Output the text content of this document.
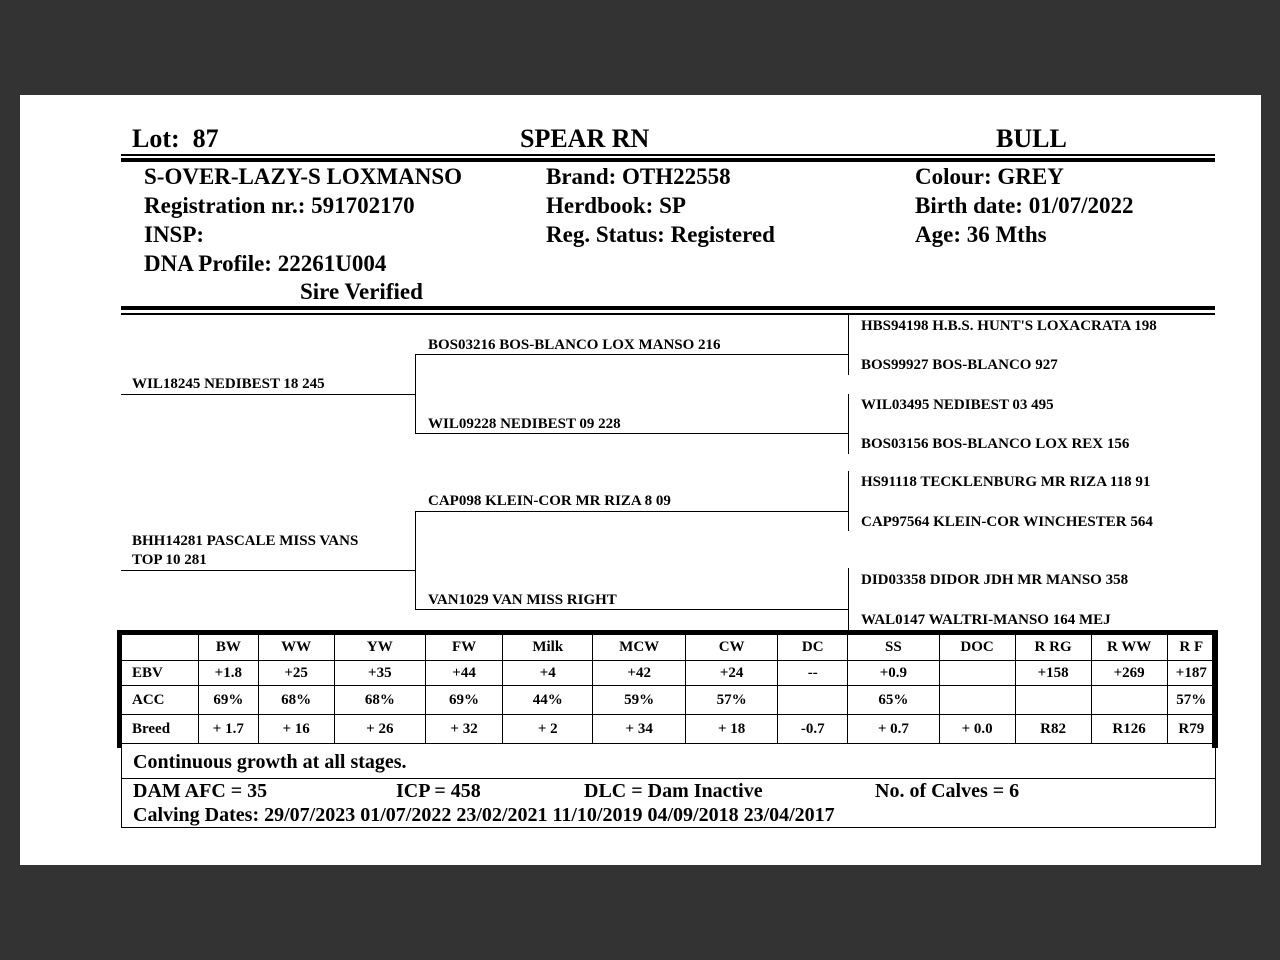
Lot: 87	SPEAR RN	BULL
S-OVER-LAZY-S LOXMANSO
Registration nr.: 591702170
INSP:
DNA Profile: 22261U004
Sire Verified
Brand: OTH22558
Herdbook: SP
Reg. Status: Registered
Colour: GREY
Birth date: 01/07/2022
Age: 36 Mths
WIL18245 NEDIBEST 18 245
BHH14281 PASCALE MISS VANS
TOP 10 281
BOS03216 BOS-BLANCO LOX MANSO 216
WIL09228 NEDIBEST 09 228
CAP098 KLEIN-COR MR RIZA 8 09
VAN1029 VAN MISS RIGHT
HBS94198 H.B.S. HUNT'S LOXACRATA 198
BOS99927 BOS-BLANCO 927
WIL03495 NEDIBEST 03 495
BOS03156 BOS-BLANCO LOX REX 156
HS91118 TECKLENBURG MR RIZA 118 91
CAP97564 KLEIN-COR WINCHESTER 564
DID03358 DIDOR JDH MR MANSO 358
WAL0147 WALTRI-MANSO 164 MEJ
	BW	WW	YW	FW	Milk	MCW	CW	DC	SS	DOC	R RG	R WW	R F
EBV	+1.8	+25	+35	+44	+4	+42	+24	--	+0.9		+158	+269	+187
ACC	69%	68%	68%	69%	44%	59%	57%		65%				57%
Breed	+ 1.7	+ 16	+ 26	+ 32	+ 2	+ 34	+ 18	-0.7	+ 0.7	+ 0.0	R82	R126	R79
Continuous growth at all stages.
DAM AFC = 35	ICP = 458	DLC = Dam Inactive	No. of Calves = 6
Calving Dates: 29/07/2023 01/07/2022 23/02/2021 11/10/2019 04/09/2018 23/04/2017
